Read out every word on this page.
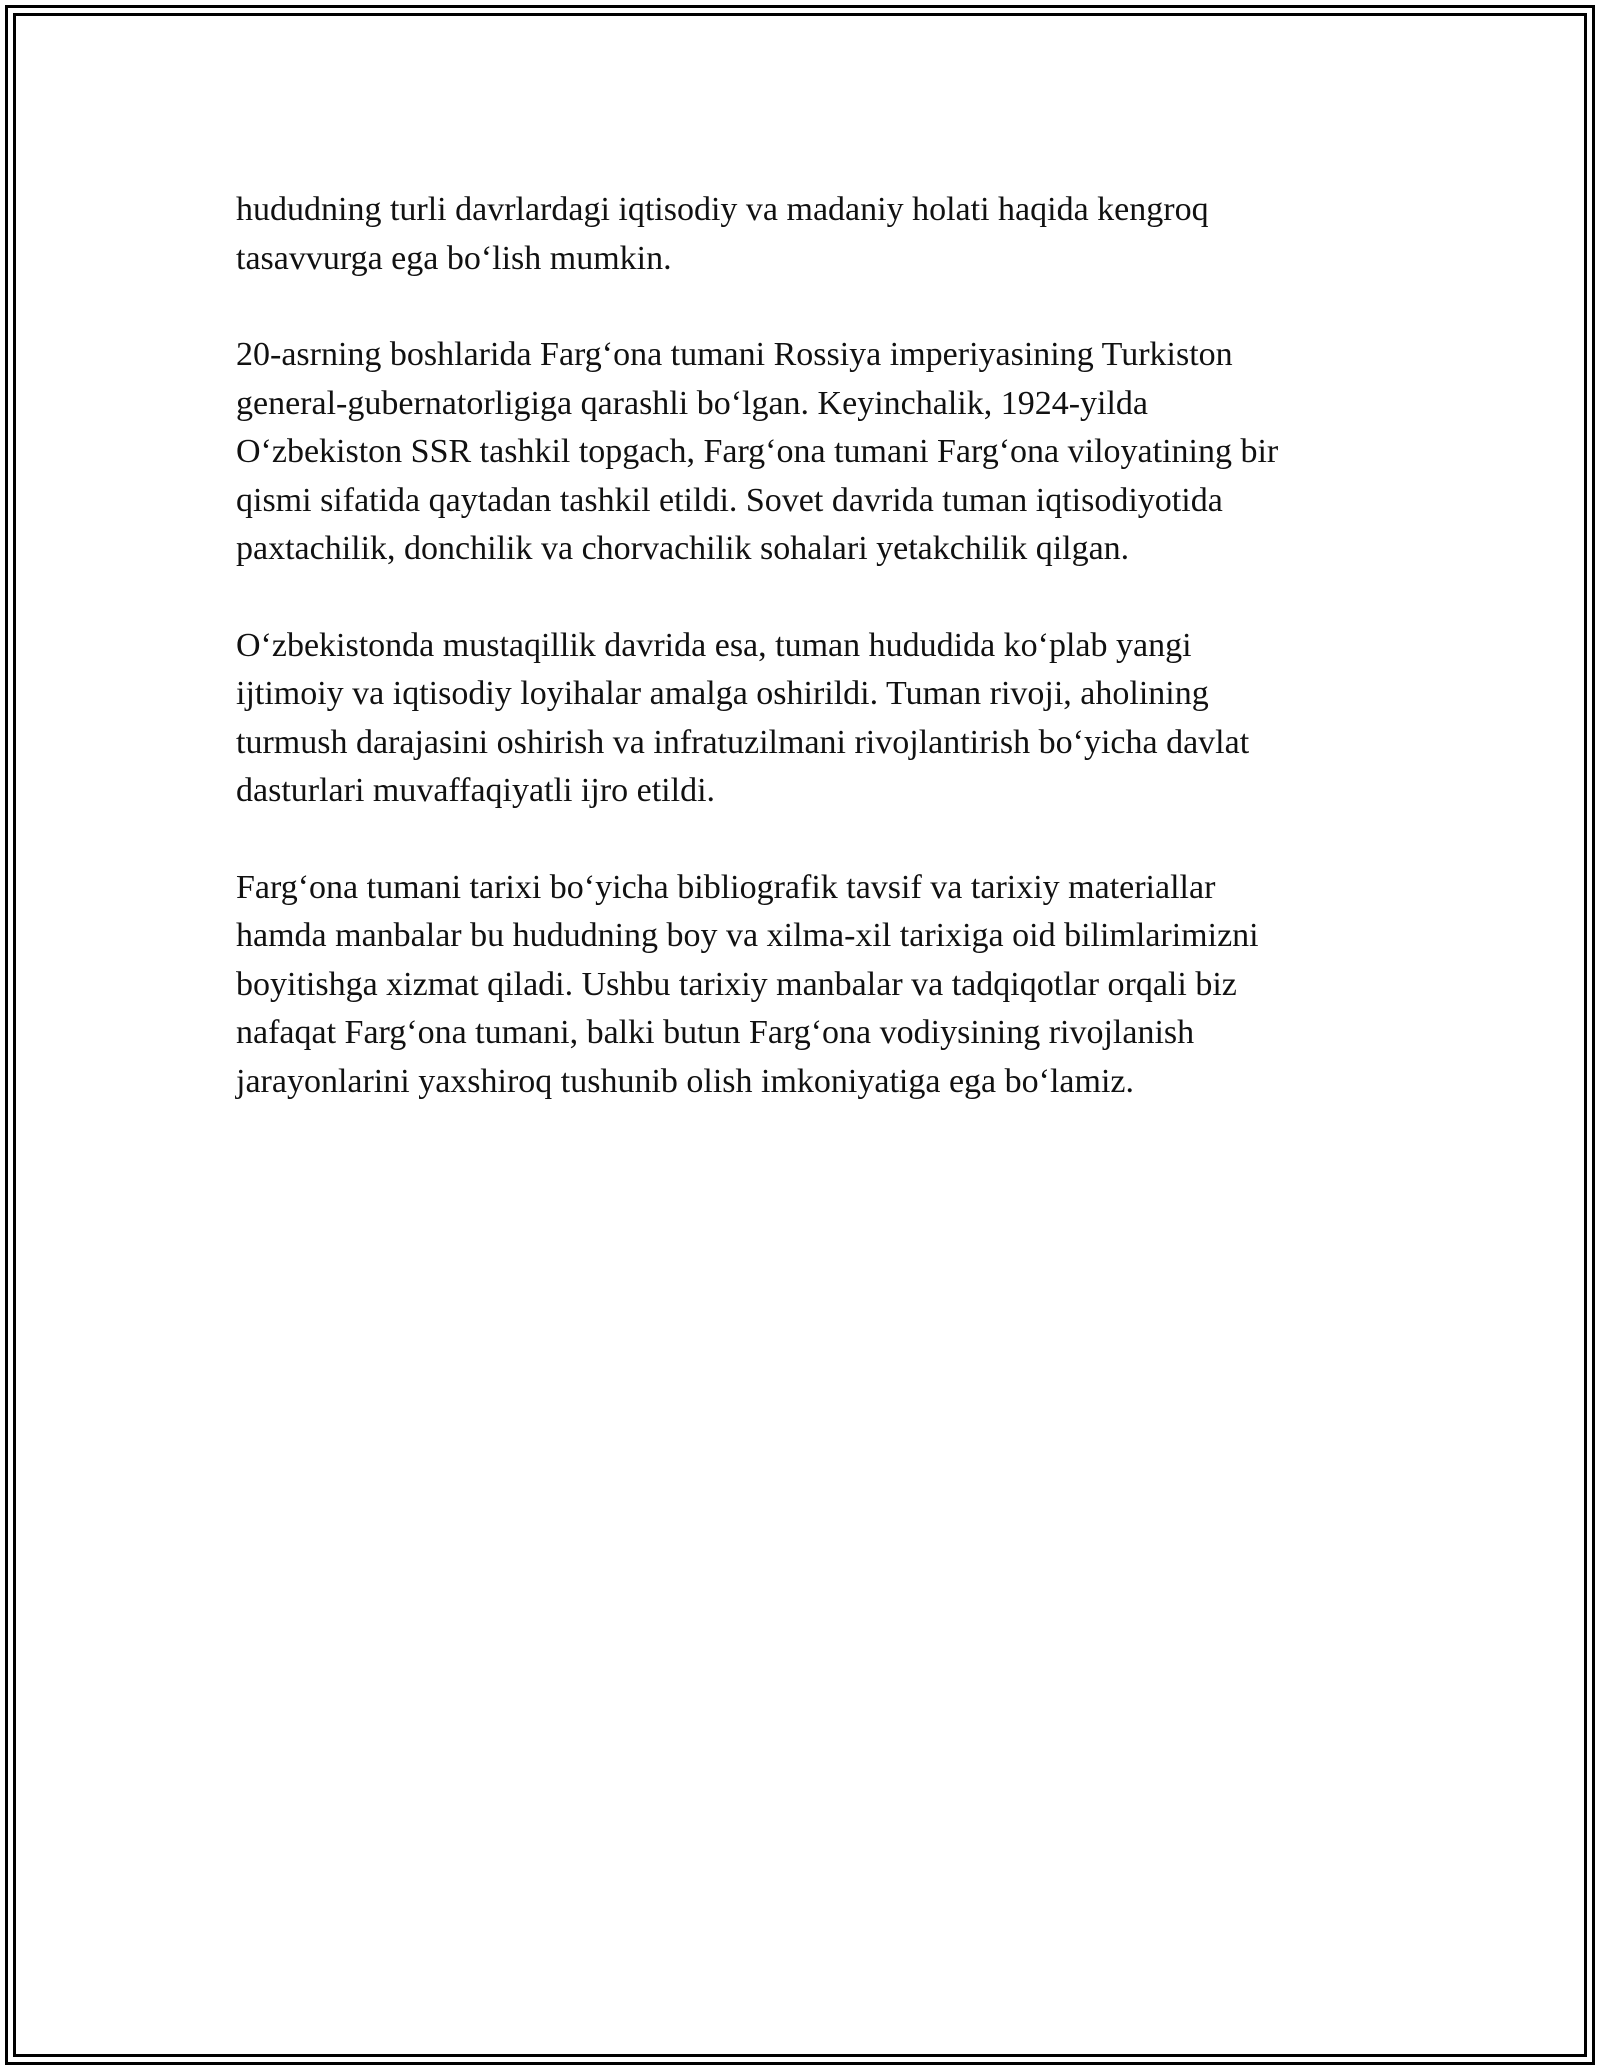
hududning turli davrlardagi iqtisodiy va madaniy holati haqida kengroq
tasavvurga ega bo‘lish mumkin.

20-asrning boshlarida Farg‘ona tumani Rossiya imperiyasining Turkiston
general-gubernatorligiga qarashli bo‘lgan. Keyinchalik, 1924-yilda
O‘zbekiston SSR tashkil topgach, Farg‘ona tumani Farg‘ona viloyatining bir
qismi sifatida qaytadan tashkil etildi. Sovet davrida tuman iqtisodiyotida
paxtachilik, donchilik va chorvachilik sohalari yetakchilik qilgan.

O‘zbekistonda mustaqillik davrida esa, tuman hududida ko‘plab yangi
ijtimoiy va iqtisodiy loyihalar amalga oshirildi. Tuman rivoji, aholining
turmush darajasini oshirish va infratuzilmani rivojlantirish bo‘yicha davlat
dasturlari muvaffaqiyatli ijro etildi.

Farg‘ona tumani tarixi bo‘yicha bibliografik tavsif va tarixiy materiallar
hamda manbalar bu hududning boy va xilma-xil tarixiga oid bilimlarimizni
boyitishga xizmat qiladi. Ushbu tarixiy manbalar va tadqiqotlar orqali biz
nafaqat Farg‘ona tumani, balki butun Farg‘ona vodiysining rivojlanish
jarayonlarini yaxshiroq tushunib olish imkoniyatiga ega bo‘lamiz.
